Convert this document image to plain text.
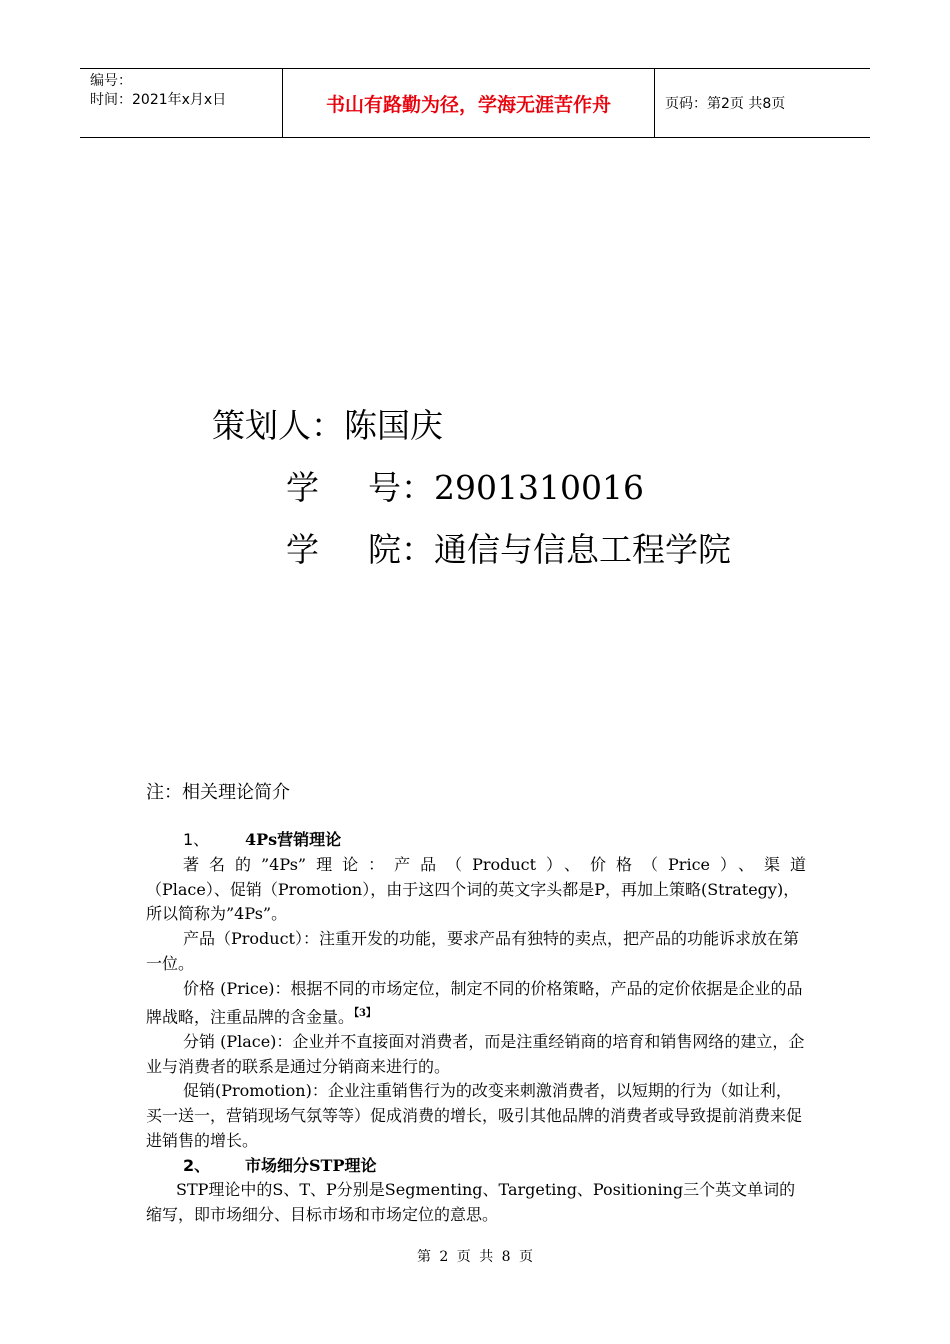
编号：
时间：2021年x月x日	书山有路勤为径，学海无涯苦作舟	页码：第2页 共8页
策划人：陈国庆
学 号：2901310016
学 院：通信与信息工程学院
注：相关理论简介

1、 4Ps营销理论

著名的”4Ps”理论：产品（Product）、价格（Price）、渠道

（Place）、促销（Promotion），由于这四个词的英文字头都是P，再加上策略(Strategy)，所以简称为”4Ps”。

产品（Product）：注重开发的功能，要求产品有独特的卖点，把产品的功能诉求放在第一位。

价格 (Price)：根据不同的市场定位，制定不同的价格策略，产品的定价依据是企业的品牌战略，注重品牌的含金量。$^{【3】}$

分销 (Place)：企业并不直接面对消费者，而是注重经销商的培育和销售网络的建立，企业与消费者的联系是通过分销商来进行的。

促销(Promotion)：企业注重销售行为的改变来刺激消费者，以短期的行为（如让利，买一送一，营销现场气氛等等）促成消费的增长，吸引其他品牌的消费者或导致提前消费来促进销售的增长。

2、 市场细分STP理论

STP理论中的S、T、P分别是Segmenting、Targeting、Positioning三个英文单词的缩写，即市场细分、目标市场和市场定位的意思。

第 2 页 共 8 页
